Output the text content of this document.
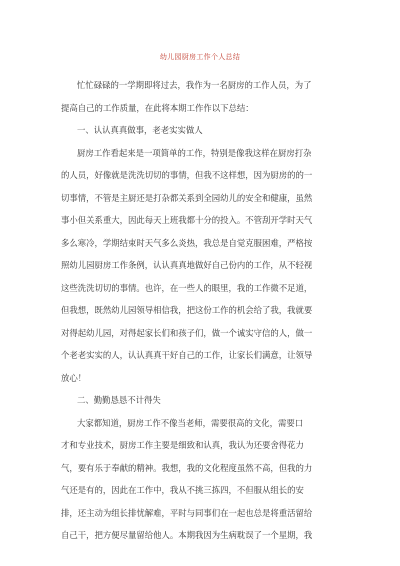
幼儿园厨房工作个人总结

忙忙碌碌的一学期即将过去，我作为一名厨房的工作人员，为了

提高自己的工作质量，在此将本期工作作以下总结：

一、认认真真做事，老老实实做人

厨房工作看起来是一项简单的工作，特别是像我这样在厨房打杂

的人员，好像就是洗洗切切的事情，但我不这样想，因为厨房的的一

切事情，不管是主厨还是打杂都关系到全园幼儿的安全和健康，虽然

事小但关系重大，因此每天上班我都十分的投入。不管刮开学时天气

多么寒冷，学期结束时天气多么炎热，我总是自觉克服困难，严格按

照幼儿园厨房工作条例，认认真真地做好自己份内的工作，从不轻视

这些洗洗切切的事情。也许，在一些人的眼里，我的工作微不足道，

但我想，既然幼儿园领导相信我，把这份工作的机会给了我，我就要

对得起幼儿园，对得起家长们和孩子们，做一个诚实守信的人，做一

个老老实实的人，认认真真干好自己的工作，让家长们满意，让领导

放心！

二、勤勤恳恳不计得失

大家都知道，厨房工作不像当老师，需要很高的文化，需要口

才和专业技术，厨房工作主要是细致和认真，我认为还要舍得花力

气，要有乐于奉献的精神。我想，我的文化程度虽然不高，但我的力

气还是有的，因此在工作中，我从不挑三拣四，不但服从组长的安

排，还主动为组长排忧解难，平时与同事们在一起也总是将重活留给

自己干，把方便尽量留给他人。本期我因为生病耽误了一个星期，我
